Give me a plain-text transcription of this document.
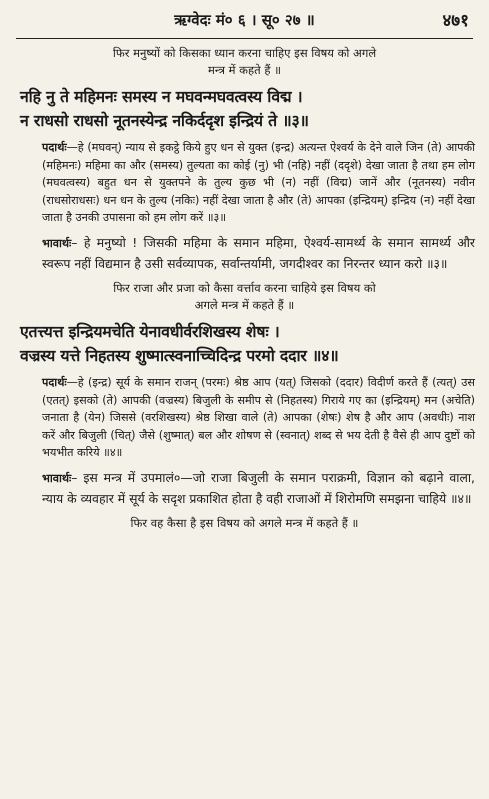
ऋग्वेदः मं० ६ । सू० २७ ॥	४७१
फिर मनुष्यों को किसका ध्यान करना चाहिए इस विषय को अगले
मन्त्र में कहते हैं ॥
नहि नु ते महिमनः समस्य न मघवन्मघवत्वस्य विद्म ।
न राधसो राधसो नूतनस्येन्द्र नकिर्ददृश इन्द्रियं ते ॥३॥
पदार्थः—हे (मघवन्) न्याय से इकट्ठे किये हुए धन से युक्त (इन्द्र) अत्यन्त ऐश्वर्य के देने वाले जिन (ते) आपकी (महिमनः) महिमा का और (समस्य) तुल्यता का कोई (नु) भी (नहि) नहीं (ददृशे) देखा जाता है तथा हम लोग (मघवत्वस्य) बहुत धन से युक्तपने के तुल्य कुछ भी (न) नहीं (विद्म) जानें और (नूतनस्य) नवीन (राधसोराधसः) धन धन के तुल्य (नकिः) नहीं देखा जाता है और (ते) आपका (इन्द्रियम्) इन्द्रिय (न) नहीं देखा जाता है उनकी उपासना को हम लोग करें ॥३॥
भावार्थः– हे मनुष्यो ! जिसकी महिमा के समान महिमा, ऐश्वर्य-सामर्थ्य के समान सामर्थ्य और स्वरूप नहीं विद्यमान है उसी सर्वव्यापक, सर्वान्तर्यामी, जगदीश्वर का निरन्तर ध्यान करो ॥३॥
फिर राजा और प्रजा को कैसा वर्त्ताव करना चाहिये इस विषय को
अगले मन्त्र में कहते हैं ॥
एतत्त्यत्त इन्द्रियमचेति येनावधीर्वरशिखस्य शेषः ।
वज्रस्य यत्ते निहतस्य शुष्मात्स्वनाच्चिदिन्द्र परमो ददार ॥४॥
पदार्थः—हे (इन्द्र) सूर्य के समान राजन् (परमः) श्रेष्ठ आप (यत्) जिसको (ददार) विदीर्ण करते हैं (त्यत्) उस (एतत्) इसको (ते) आपकी (वज्रस्य) बिजुली के समीप से (निहतस्य) गिराये गए का (इन्द्रियम्) मन (अचेति) जनाता है (येन) जिससे (वरशिखस्य) श्रेष्ठ शिखा वाले (ते) आपका (शेषः) शेष है और आप (अवधीः) नाश करें और बिजुली (चित्) जैसे (शुष्मात्) बल और शोषण से (स्वनात्) शब्द से भय देती है वैसे ही आप दुष्टों को भयभीत करिये ॥४॥
भावार्थः– इस मन्त्र में उपमालं०—जो राजा बिजुली के समान पराक्रमी, विज्ञान को बढ़ाने वाला, न्याय के व्यवहार में सूर्य के सदृश प्रकाशित होता है वही राजाओं में शिरोमणि समझना चाहिये ॥४॥
फिर वह कैसा है इस विषय को अगले मन्त्र में कहते हैं ॥
